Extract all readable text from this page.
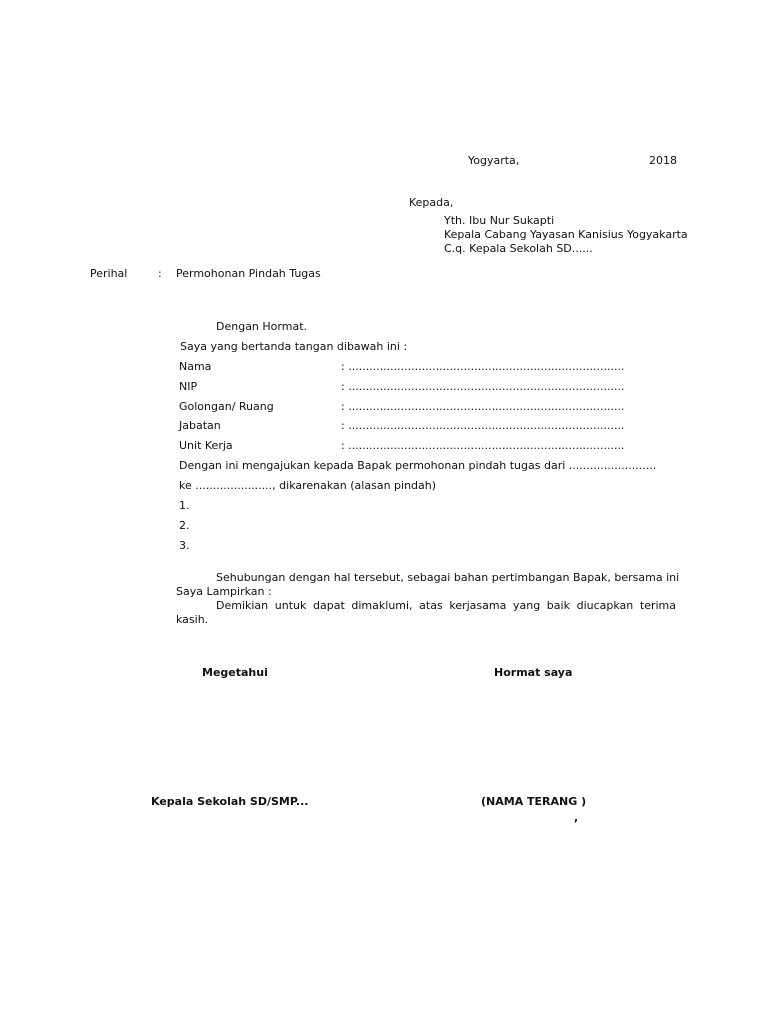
Yogyarta,	2018
Kepada,
Yth. Ibu Nur Sukapti
Kepala Cabang Yayasan Kanisius Yogyakarta
C.q. Kepala Sekolah SD......
Perihal	: Permohonan Pindah Tugas
Dengan Hormat.
Saya yang bertanda tangan dibawah ini :
Nama	: ...............................................................................
NIP	: ...............................................................................
Golongan/ Ruang	: ...............................................................................
Jabatan	: ...............................................................................
Unit Kerja	: ...............................................................................
Dengan ini mengajukan kepada Bapak permohonan pindah tugas dari .........................
ke ......................, dikarenakan (alasan pindah)
1.
2.
3.
Sehubungan dengan hal tersebut, sebagai bahan pertimbangan Bapak, bersama ini
Saya Lampirkan :
Demikian untuk dapat dimaklumi, atas kerjasama yang baik diucapkan terima kasih.
Megetahui	Hormat saya
Kepala Sekolah SD/SMP...	(NAMA TERANG )
,
